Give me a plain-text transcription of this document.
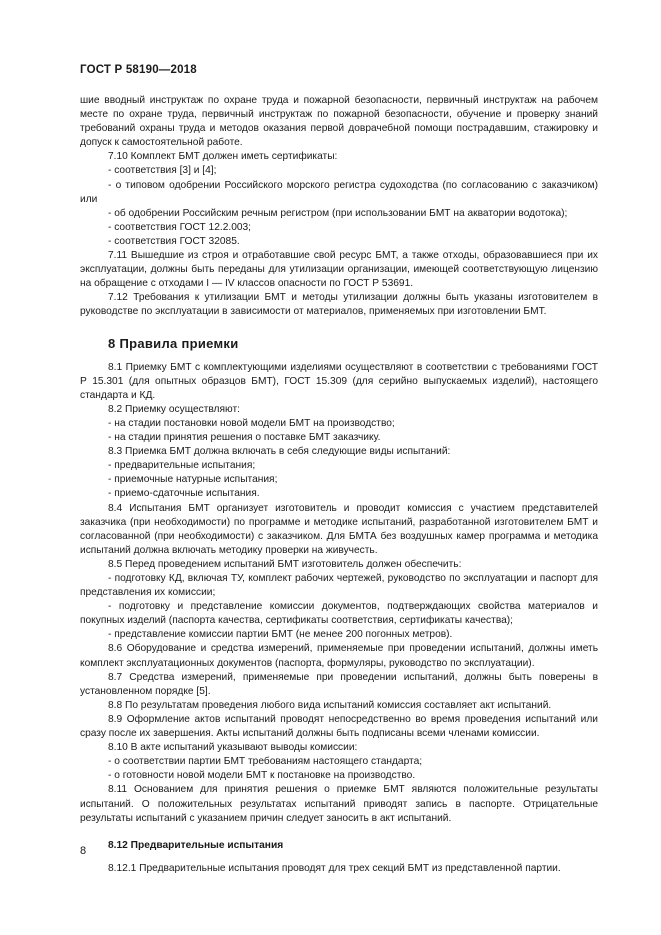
ГОСТ Р 58190—2018

шие вводный инструктаж по охране труда и пожарной безопасности, первичный инструктаж на рабочем месте по охране труда, первичный инструктаж по пожарной безопасности, обучение и проверку знаний требований охраны труда и методов оказания первой доврачебной помощи пострадавшим, стажировку и допуск к самостоятельной работе.

7.10 Комплект БМТ должен иметь сертификаты:

- соответствия [3] и [4];

- о типовом одобрении Российского морского регистра судоходства (по согласованию с заказчиком) или

- об одобрении Российским речным регистром (при использовании БМТ на акватории водотока);

- соответствия ГОСТ 12.2.003;

- соответствия ГОСТ 32085.

7.11 Вышедшие из строя и отработавшие свой ресурс БМТ, а также отходы, образовавшиеся при их эксплуатации, должны быть переданы для утилизации организации, имеющей соответствующую лицензию на обращение с отходами I — IV классов опасности по ГОСТ Р 53691.

7.12 Требования к утилизации БМТ и методы утилизации должны быть указаны изготовителем в руководстве по эксплуатации в зависимости от материалов, применяемых при изготовлении БМТ.

8 Правила приемки

8.1 Приемку БМТ с комплектующими изделиями осуществляют в соответствии с требованиями ГОСТ Р 15.301 (для опытных образцов БМТ), ГОСТ 15.309 (для серийно выпускаемых изделий), настоящего стандарта и КД.

8.2 Приемку осуществляют:

- на стадии постановки новой модели БМТ на производство;

- на стадии принятия решения о поставке БМТ заказчику.

8.3 Приемка БМТ должна включать в себя следующие виды испытаний:

- предварительные испытания;

- приемочные натурные испытания;

- приемо-сдаточные испытания.

8.4 Испытания БМТ организует изготовитель и проводит комиссия с участием представителей заказчика (при необходимости) по программе и методике испытаний, разработанной изготовителем БМТ и согласованной (при необходимости) с заказчиком. Для БМТА без воздушных камер программа и методика испытаний должна включать методику проверки на живучесть.

8.5 Перед проведением испытаний БМТ изготовитель должен обеспечить:

- подготовку КД, включая ТУ, комплект рабочих чертежей, руководство по эксплуатации и паспорт для представления их комиссии;

- подготовку и представление комиссии документов, подтверждающих свойства материалов и покупных изделий (паспорта качества, сертификаты соответствия, сертификаты качества);

- представление комиссии партии БМТ (не менее 200 погонных метров).

8.6 Оборудование и средства измерений, применяемые при проведении испытаний, должны иметь комплект эксплуатационных документов (паспорта, формуляры, руководство по эксплуатации).

8.7 Средства измерений, применяемые при проведении испытаний, должны быть поверены в установленном порядке [5].

8.8 По результатам проведения любого вида испытаний комиссия составляет акт испытаний.

8.9 Оформление актов испытаний проводят непосредственно во время проведения испытаний или сразу после их завершения. Акты испытаний должны быть подписаны всеми членами комиссии.

8.10 В акте испытаний указывают выводы комиссии:

- о соответствии партии БМТ требованиям настоящего стандарта;

- о готовности новой модели БМТ к постановке на производство.

8.11 Основанием для принятия решения о приемке БМТ являются положительные результаты испытаний. О положительных результатах испытаний приводят запись в паспорте. Отрицательные результаты испытаний с указанием причин следует заносить в акт испытаний.

8.12 Предварительные испытания

8.12.1 Предварительные испытания проводят для трех секций БМТ из представленной партии.

8
